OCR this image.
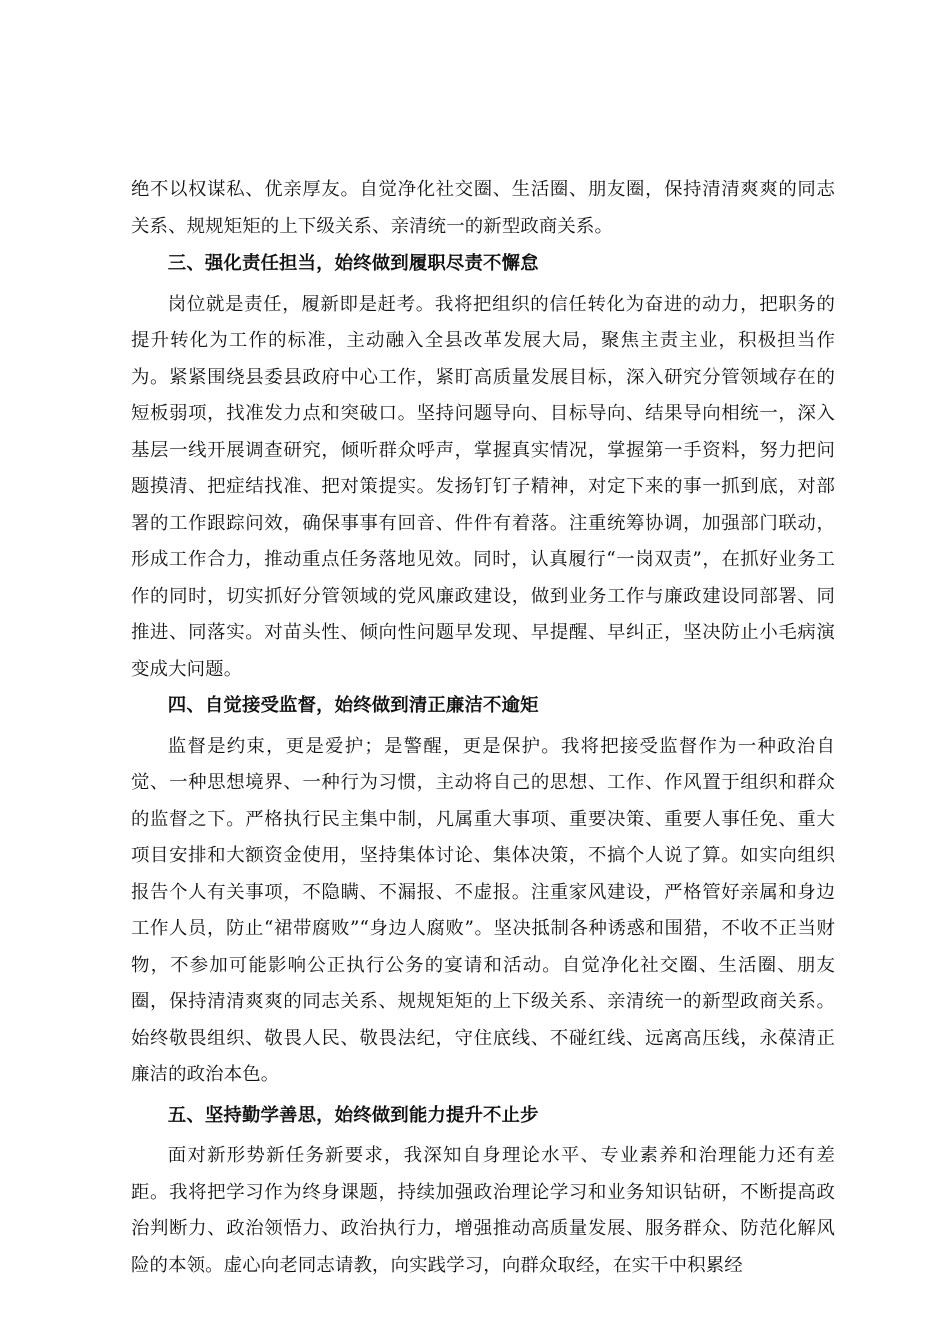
绝不以权谋私、优亲厚友。自觉净化社交圈、生活圈、朋友圈，保持清清爽爽的同志关系、规规矩矩的上下级关系、亲清统一的新型政商关系。

三、强化责任担当，始终做到履职尽责不懈怠

岗位就是责任，履新即是赶考。我将把组织的信任转化为奋进的动力，把职务的提升转化为工作的标准，主动融入全县改革发展大局，聚焦主责主业，积极担当作为。紧紧围绕县委县政府中心工作，紧盯高质量发展目标，深入研究分管领域存在的短板弱项，找准发力点和突破口。坚持问题导向、目标导向、结果导向相统一，深入基层一线开展调查研究，倾听群众呼声，掌握真实情况，掌握第一手资料，努力把问题摸清、把症结找准、把对策提实。发扬钉钉子精神，对定下来的事一抓到底，对部署的工作跟踪问效，确保事事有回音、件件有着落。注重统筹协调，加强部门联动，形成工作合力，推动重点任务落地见效。同时，认真履行“一岗双责”，在抓好业务工作的同时，切实抓好分管领域的党风廉政建设，做到业务工作与廉政建设同部署、同推进、同落实。对苗头性、倾向性问题早发现、早提醒、早纠正，坚决防止小毛病演变成大问题。

四、自觉接受监督，始终做到清正廉洁不逾矩

监督是约束，更是爱护；是警醒，更是保护。我将把接受监督作为一种政治自觉、一种思想境界、一种行为习惯，主动将自己的思想、工作、作风置于组织和群众的监督之下。严格执行民主集中制，凡属重大事项、重要决策、重要人事任免、重大项目安排和大额资金使用，坚持集体讨论、集体决策，不搞个人说了算。如实向组织报告个人有关事项，不隐瞒、不漏报、不虚报。注重家风建设，严格管好亲属和身边工作人员，防止“裙带腐败”“身边人腐败”。坚决抵制各种诱惑和围猎，不收不正当财物，不参加可能影响公正执行公务的宴请和活动。自觉净化社交圈、生活圈、朋友圈，保持清清爽爽的同志关系、规规矩矩的上下级关系、亲清统一的新型政商关系。始终敬畏组织、敬畏人民、敬畏法纪，守住底线、不碰红线、远离高压线，永葆清正廉洁的政治本色。

五、坚持勤学善思，始终做到能力提升不止步

面对新形势新任务新要求，我深知自身理论水平、专业素养和治理能力还有差距。我将把学习作为终身课题，持续加强政治理论学习和业务知识钻研，不断提高政治判断力、政治领悟力、政治执行力，增强推动高质量发展、服务群众、防范化解风险的本领。虚心向老同志请教，向实践学习，向群众取经，在实干中积累经
